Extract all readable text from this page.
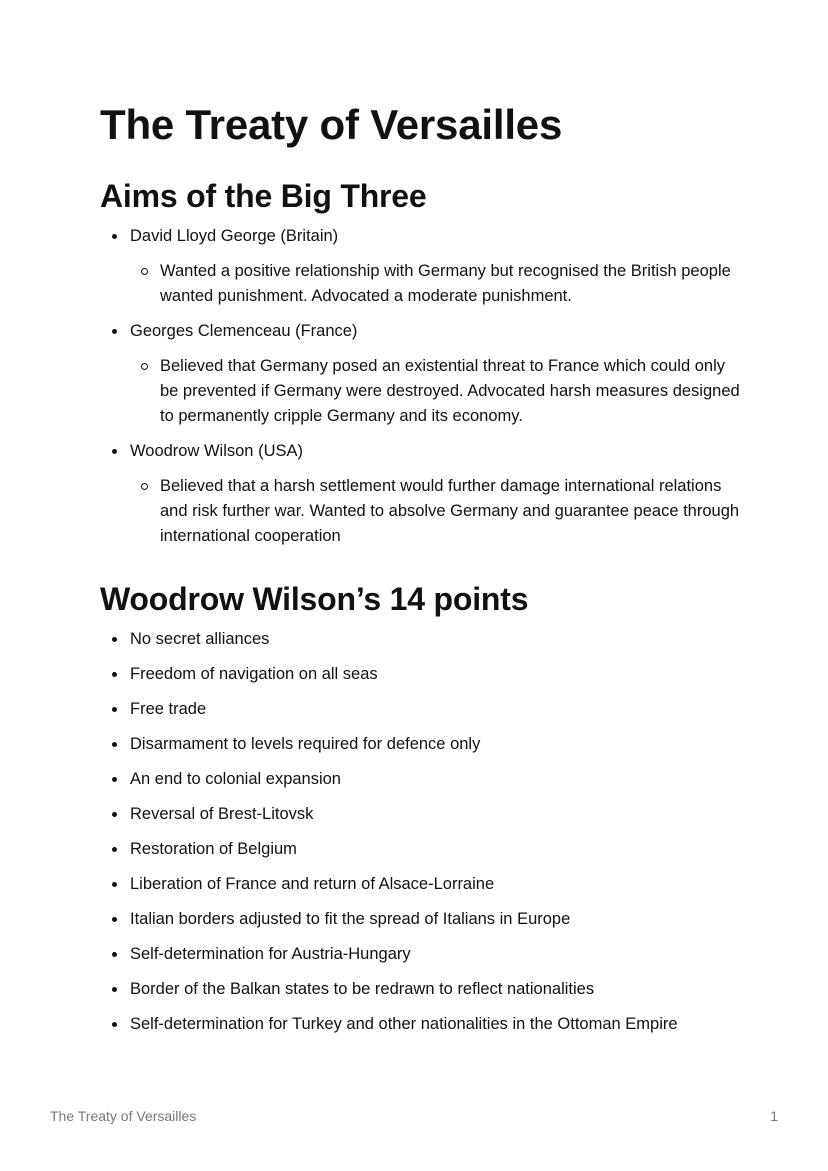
The Treaty of Versailles
Aims of the Big Three
David Lloyd George (Britain)
Wanted a positive relationship with Germany but recognised the British people wanted punishment. Advocated a moderate punishment.
Georges Clemenceau (France)
Believed that Germany posed an existential threat to France which could only be prevented if Germany were destroyed. Advocated harsh measures designed to permanently cripple Germany and its economy.
Woodrow Wilson (USA)
Believed that a harsh settlement would further damage international relations and risk further war. Wanted to absolve Germany and guarantee peace through international cooperation
Woodrow Wilson’s 14 points
No secret alliances
Freedom of navigation on all seas
Free trade
Disarmament to levels required for defence only
An end to colonial expansion
Reversal of Brest-Litovsk
Restoration of Belgium
Liberation of France and return of Alsace-Lorraine
Italian borders adjusted to fit the spread of Italians in Europe
Self-determination for Austria-Hungary
Border of the Balkan states to be redrawn to reflect nationalities
Self-determination for Turkey and other nationalities in the Ottoman Empire
The Treaty of Versailles	1
